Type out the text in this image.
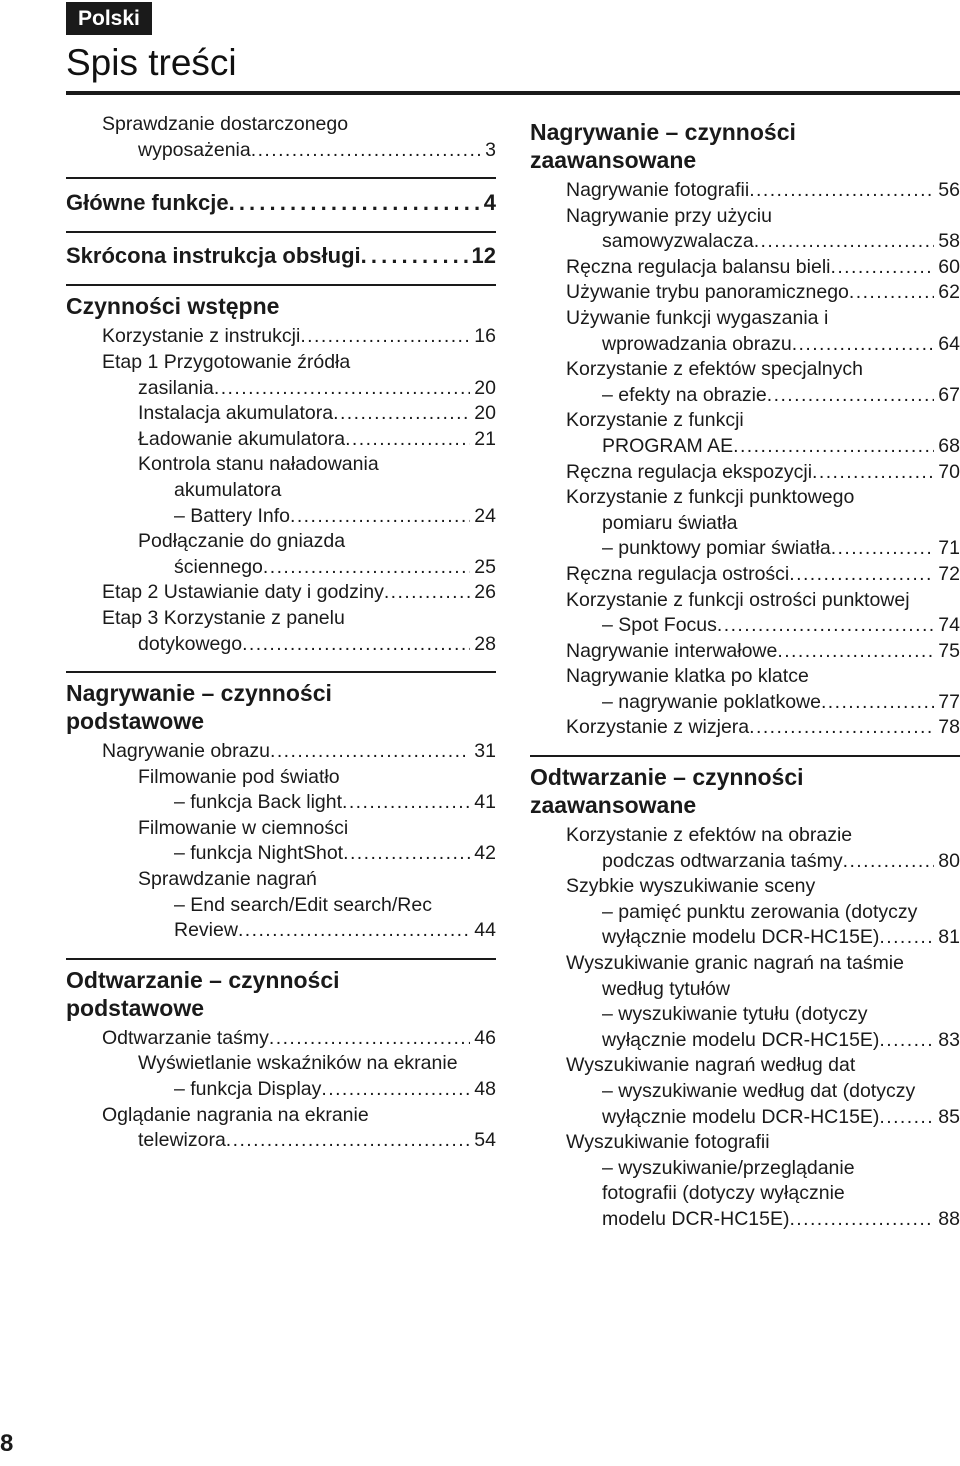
Polski
Spis treści
Sprawdzanie dostarczonego
wyposażenia . . .	3
Główne funkcje . . .	4
Skrócona instrukcja obsługi . . .	12
Czynności wstępne
Korzystanie z instrukcji . . .	16
Etap 1 Przygotowanie źródła
zasilania . . .	20
Instalacja akumulatora . . .	20
Ładowanie akumulatora . . .	21
Kontrola stanu naładowania
akumulatora
– Battery Info . . .	24
Podłączanie do gniazda
ściennego . . .	25
Etap 2 Ustawianie daty i godziny . . .	26
Etap 3 Korzystanie z panelu
dotykowego . . .	28
Nagrywanie – czynności
podstawowe
Nagrywanie obrazu . . .	31
Filmowanie pod światło
– funkcja Back light . . .	41
Filmowanie w ciemności
– funkcja NightShot . . .	42
Sprawdzanie nagrań
– End search/Edit search/Rec
Review . . .	44
Odtwarzanie – czynności
podstawowe
Odtwarzanie taśmy . . .	46
Wyświetlanie wskaźników na ekranie
– funkcja Display . . .	48
Oglądanie nagrania na ekranie
telewizora . . .	54
Nagrywanie – czynności
zaawansowane
Nagrywanie fotografii . . .	56
Nagrywanie przy użyciu
samowyzwalacza . . .	58
Ręczna regulacja balansu bieli . . .	60
Używanie trybu panoramicznego . . .	62
Używanie funkcji wygaszania i
wprowadzania obrazu . . .	64
Korzystanie z efektów specjalnych
– efekty na obrazie . . .	67
Korzystanie z funkcji
PROGRAM AE . . .	68
Ręczna regulacja ekspozycji . . .	70
Korzystanie z funkcji punktowego
pomiaru światła
– punktowy pomiar światła . . .	71
Ręczna regulacja ostrości . . .	72
Korzystanie z funkcji ostrości punktowej
– Spot Focus . . .	74
Nagrywanie interwałowe . . .	75
Nagrywanie klatka po klatce
– nagrywanie poklatkowe . . .	77
Korzystanie z wizjera . . .	78
Odtwarzanie – czynności
zaawansowane
Korzystanie z efektów na obrazie
podczas odtwarzania taśmy . . .	80
Szybkie wyszukiwanie sceny
– pamięć punktu zerowania (dotyczy
wyłącznie modelu DCR-HC15E) . . .	81
Wyszukiwanie granic nagrań na taśmie
według tytułów
– wyszukiwanie tytułu (dotyczy
wyłącznie modelu DCR-HC15E) . . .	83
Wyszukiwanie nagrań według dat
– wyszukiwanie według dat (dotyczy
wyłącznie modelu DCR-HC15E) . . .	85
Wyszukiwanie fotografii
– wyszukiwanie/przeglądanie
fotografii (dotyczy wyłącznie
modelu DCR-HC15E) . . .	88
8
